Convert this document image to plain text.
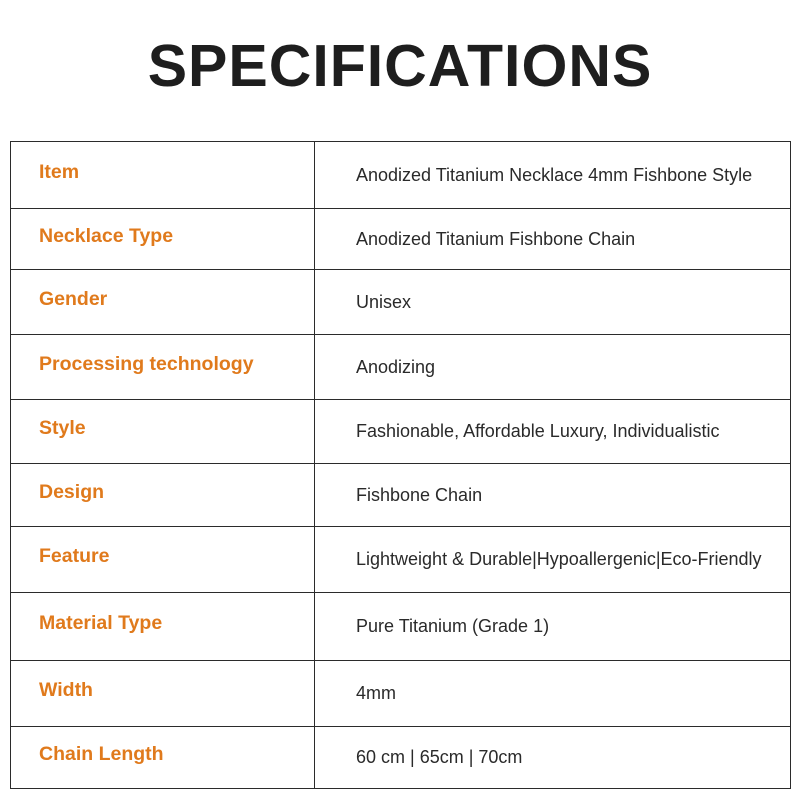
SPECIFICATIONS
Item	Anodized Titanium Necklace 4mm Fishbone Style
Necklace Type	Anodized Titanium Fishbone Chain
Gender	Unisex
Processing technology	Anodizing
Style	Fashionable, Affordable Luxury, Individualistic
Design	Fishbone Chain
Feature	Lightweight & Durable|Hypoallergenic|Eco-Friendly
Material Type	Pure Titanium (Grade 1)
Width	4mm
Chain Length	60 cm | 65cm | 70cm
